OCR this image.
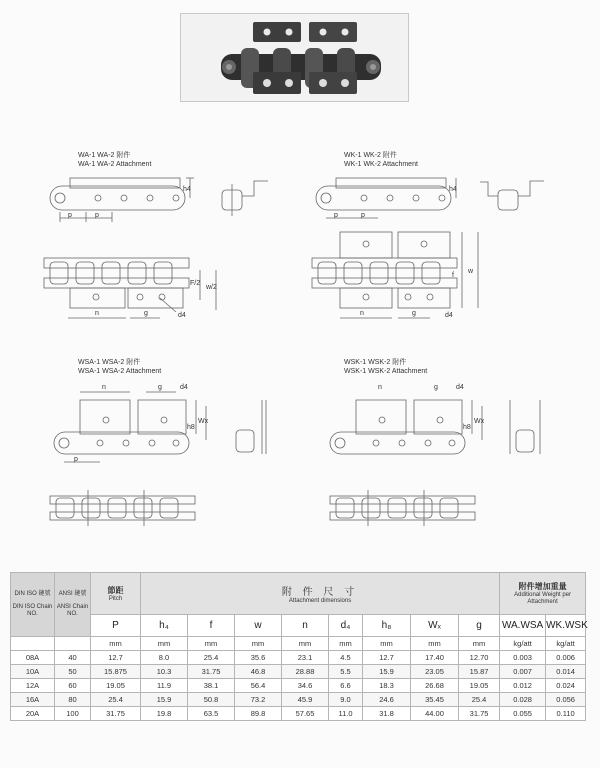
WA-1 WA-2 附件
WA-1 WA-2 Attachment
WK-1 WK-2 附件
WK-1 WK-2 Attachment
WSA-1 WSA-2 附件
WSA-1 WSA-2 Attachment
WSK-1 WSK-2 附件
WSK-1 WSK-2 Attachment
p	p
h4
n	g	d4
F/2
w/2
p	p
h4
f
w
n	g	d4
n	g	d4
h8
Wx
p
n	g	d4
h8
Wx
DIN ISO 鏈號
DIN ISO Chain NO.	ANSI 鏈號
ANSI Chain NO.	節距
Pitch	附 件 尺 寸
Attachment dimensions								附件增加重量
Additional Weight per Attachment	

		P	h₄	f	w	n	d₄	h₈	Wₓ	g	WA.WSA	WK.WSK
		mm	mm	mm	mm	mm	mm	mm	mm	mm	kg/att	kg/att
08A	40	12.7	8.0	25.4	35.6	23.1	4.5	12.7	17.40	12.70	0.003	0.006
10A	50	15.875	10.3	31.75	46.8	28.88	5.5	15.9	23.05	15.87	0.007	0.014
12A	60	19.05	11.9	38.1	56.4	34.6	6.6	18.3	26.68	19.05	0.012	0.024
16A	80	25.4	15.9	50.8	73.2	45.9	9.0	24.6	35.45	25.4	0.028	0.056
20A	100	31.75	19.8	63.5	89.8	57.65	11.0	31.8	44.00	31.75	0.055	0.110
